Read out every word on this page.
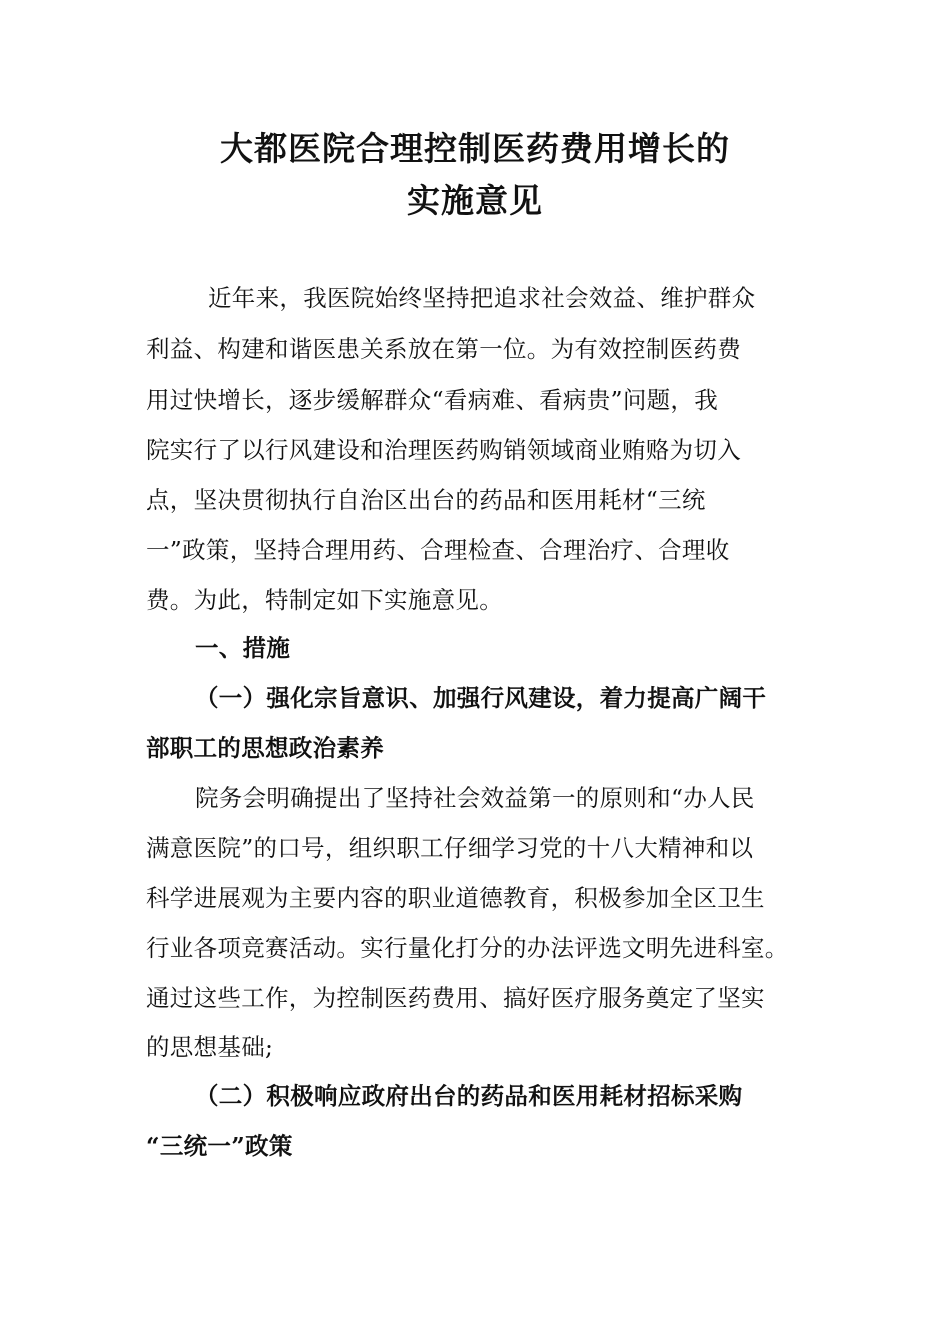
大都医院合理控制医药费用增长的
实施意见
近年来，我医院始终坚持把追求社会效益、维护群众
利益、构建和谐医患关系放在第一位。为有效控制医药费
用过快增长，逐步缓解群众“看病难、看病贵”问题，我
院实行了以行风建设和治理医药购销领域商业贿赂为切入
点，坚决贯彻执行自治区出台的药品和医用耗材“三统
一”政策，坚持合理用药、合理检查、合理治疗、合理收
费。为此，特制定如下实施意见。
一、措施
（一）强化宗旨意识、加强行风建设，着力提高广阔干
部职工的思想政治素养
院务会明确提出了坚持社会效益第一的原则和“办人民
满意医院”的口号，组织职工仔细学习党的十八大精神和以
科学进展观为主要内容的职业道德教育，积极参加全区卫生
行业各项竞赛活动。实行量化打分的办法评选文明先进科室。
通过这些工作，为控制医药费用、搞好医疗服务奠定了坚实
的思想基础;
（二）积极响应政府出台的药品和医用耗材招标采购
“三统一”政策
